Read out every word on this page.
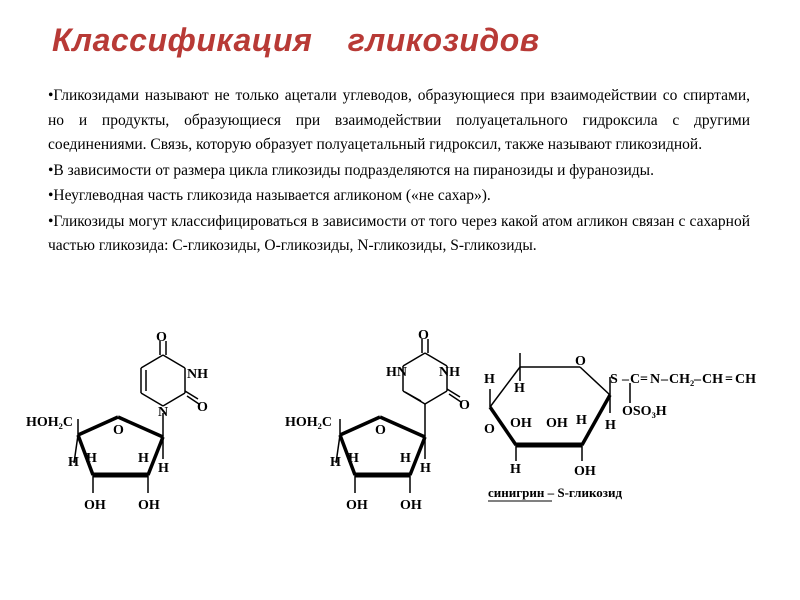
Классификация гликозидов

•Гликозидами называют не только ацетали углеводов, образующиеся при взаимодействии со спиртами, но и продукты, образующиеся при взаимодействии полуацетального гидроксила с другими соединениями. Связь, которую образует полуацетальный гидроксил, также называют гликозидной.

•В зависимости от размера цикла гликозиды подразделяются на пиранозиды и фуранозиды.

•Неуглеводная часть гликозида называется агликоном («не сахар»).

•Гликозиды могут классифицироваться в зависимости от того через какой атом агликон связан с сахарной частью гликозида: С-гликозиды, О-гликозиды, N-гликозиды, S-гликозиды.

O
NH
O
N
HOH₂C
O
H H	H
H
OH OH
O
HN NH
O
HOH₂C
O
H H	H
H
OH OH
H
H
O
OH OH
O
H H
H	OH
S – C = N – CH₂ – CH = CH
OSO₃H
синигрин – S-гликозид
